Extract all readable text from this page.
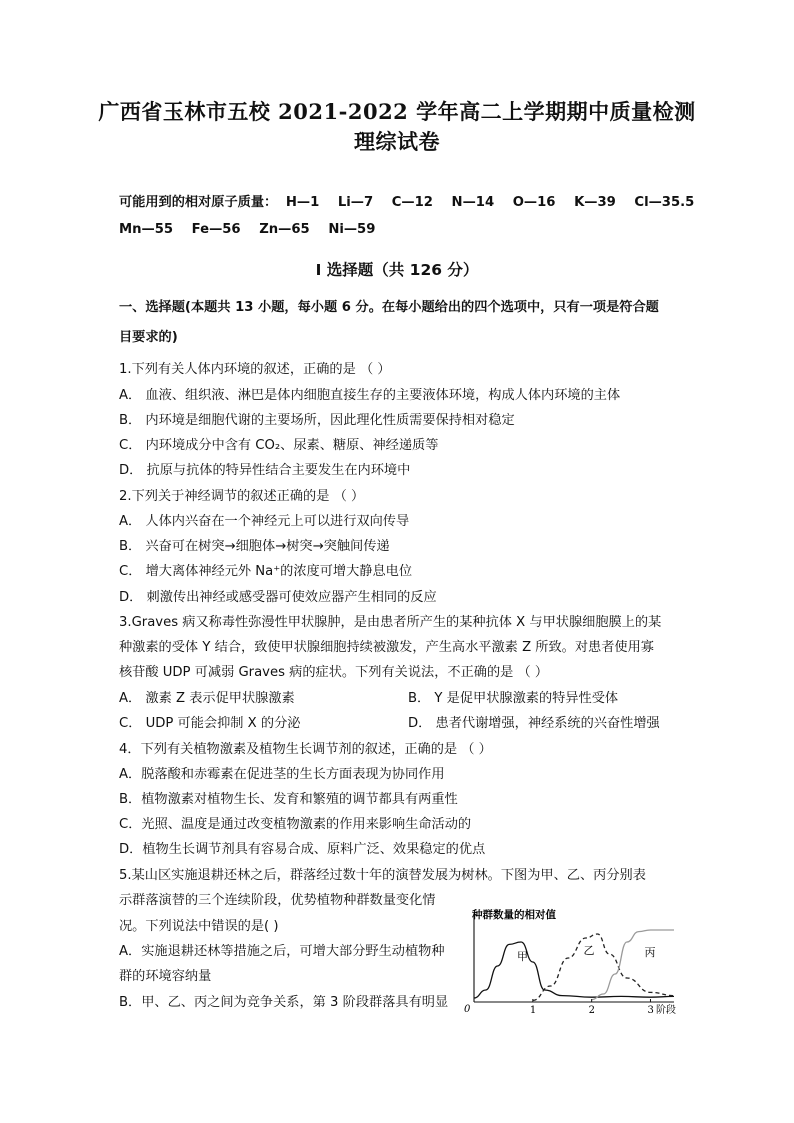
广西省玉林市五校 2021-2022 学年高二上学期期中质量检测
理综试卷
可能用到的相对原子质量： H—1 Li—7 C—12 N—14 O—16 K—39 Cl—35.5
Mn—55 Fe—56 Zn—65 Ni—59
Ⅰ 选择题（共 126 分）
一、选择题(本题共 13 小题，每小题 6 分。在每小题给出的四个选项中，只有一项是符合题
目要求的)
1.下列有关人体内环境的叙述，正确的是 （ ）
A． 血液、组织液、淋巴是体内细胞直接生存的主要液体环境，构成人体内环境的主体
B． 内环境是细胞代谢的主要场所，因此理化性质需要保持相对稳定
C． 内环境成分中含有 CO₂、尿素、糖原、神经递质等
D． 抗原与抗体的特异性结合主要发生在内环境中
2.下列关于神经调节的叙述正确的是 （ ）
A． 人体内兴奋在一个神经元上可以进行双向传导
B． 兴奋可在树突→细胞体→树突→突触间传递
C． 增大离体神经元外 Na⁺的浓度可增大静息电位
D． 刺激传出神经或感受器可使效应器产生相同的反应
3.Graves 病又称毒性弥漫性甲状腺肿，是由患者所产生的某种抗体 X 与甲状腺细胞膜上的某
种激素的受体 Y 结合，致使甲状腺细胞持续被激发，产生高水平激素 Z 所致。对患者使用寡
核苷酸 UDP 可减弱 Graves 病的症状。下列有关说法，不正确的是 （ ）
A． 激素 Z 表示促甲状腺激素	B． Y 是促甲状腺激素的特异性受体
C． UDP 可能会抑制 X 的分泌	D． 患者代谢增强，神经系统的兴奋性增强
4．下列有关植物激素及植物生长调节剂的叙述，正确的是 （ ）
A．脱落酸和赤霉素在促进茎的生长方面表现为协同作用
B．植物激素对植物生长、发育和繁殖的调节都具有两重性
C．光照、温度是通过改变植物激素的作用来影响生命活动的
D．植物生长调节剂具有容易合成、原料广泛、效果稳定的优点
5.某山区实施退耕还林之后，群落经过数十年的演替发展为树林。下图为甲、乙、丙分别表
示群落演替的三个连续阶段，优势植物种群数量变化情
况。下列说法中错误的是( )
A．实施退耕还林等措施之后，可增大部分野生动植物种
群的环境容纳量
B．甲、乙、丙之间为竞争关系，第 3 阶段群落具有明显
种群数量的相对值
甲	乙	丙
0	1	2	3 阶段
